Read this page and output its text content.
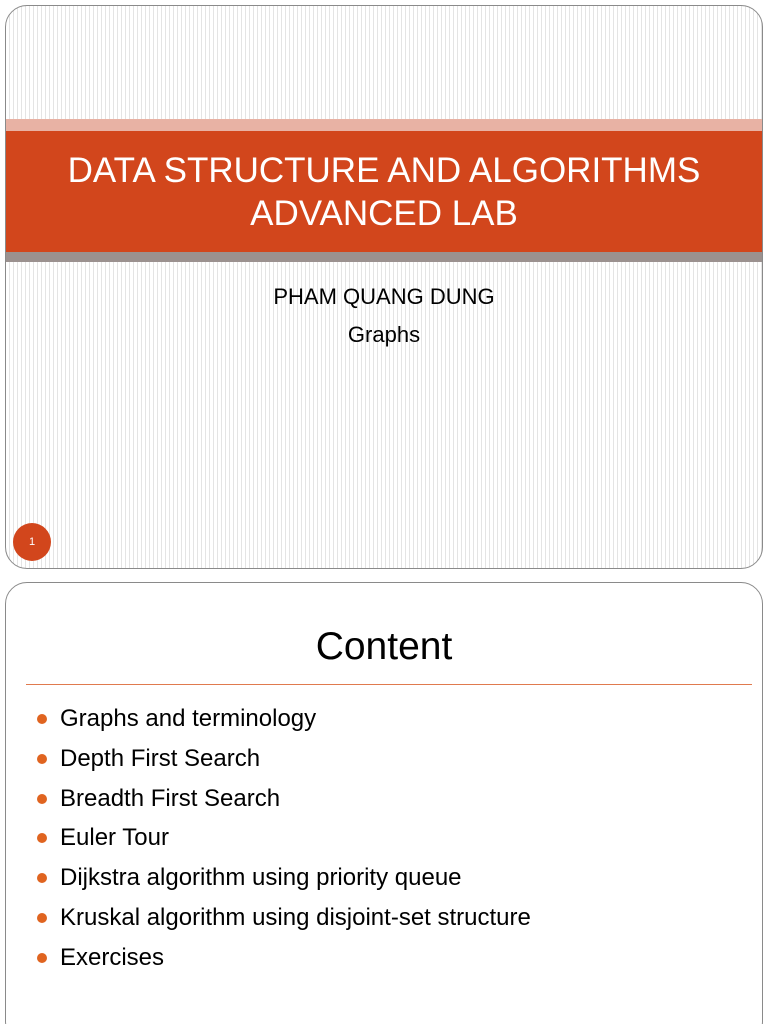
DATA STRUCTURE AND ALGORITHMS
ADVANCED LAB
PHAM QUANG DUNG
Graphs
1
Content
Graphs and terminology
Depth First Search
Breadth First Search
Euler Tour
Dijkstra algorithm using priority queue
Kruskal algorithm using disjoint-set structure
Exercises
